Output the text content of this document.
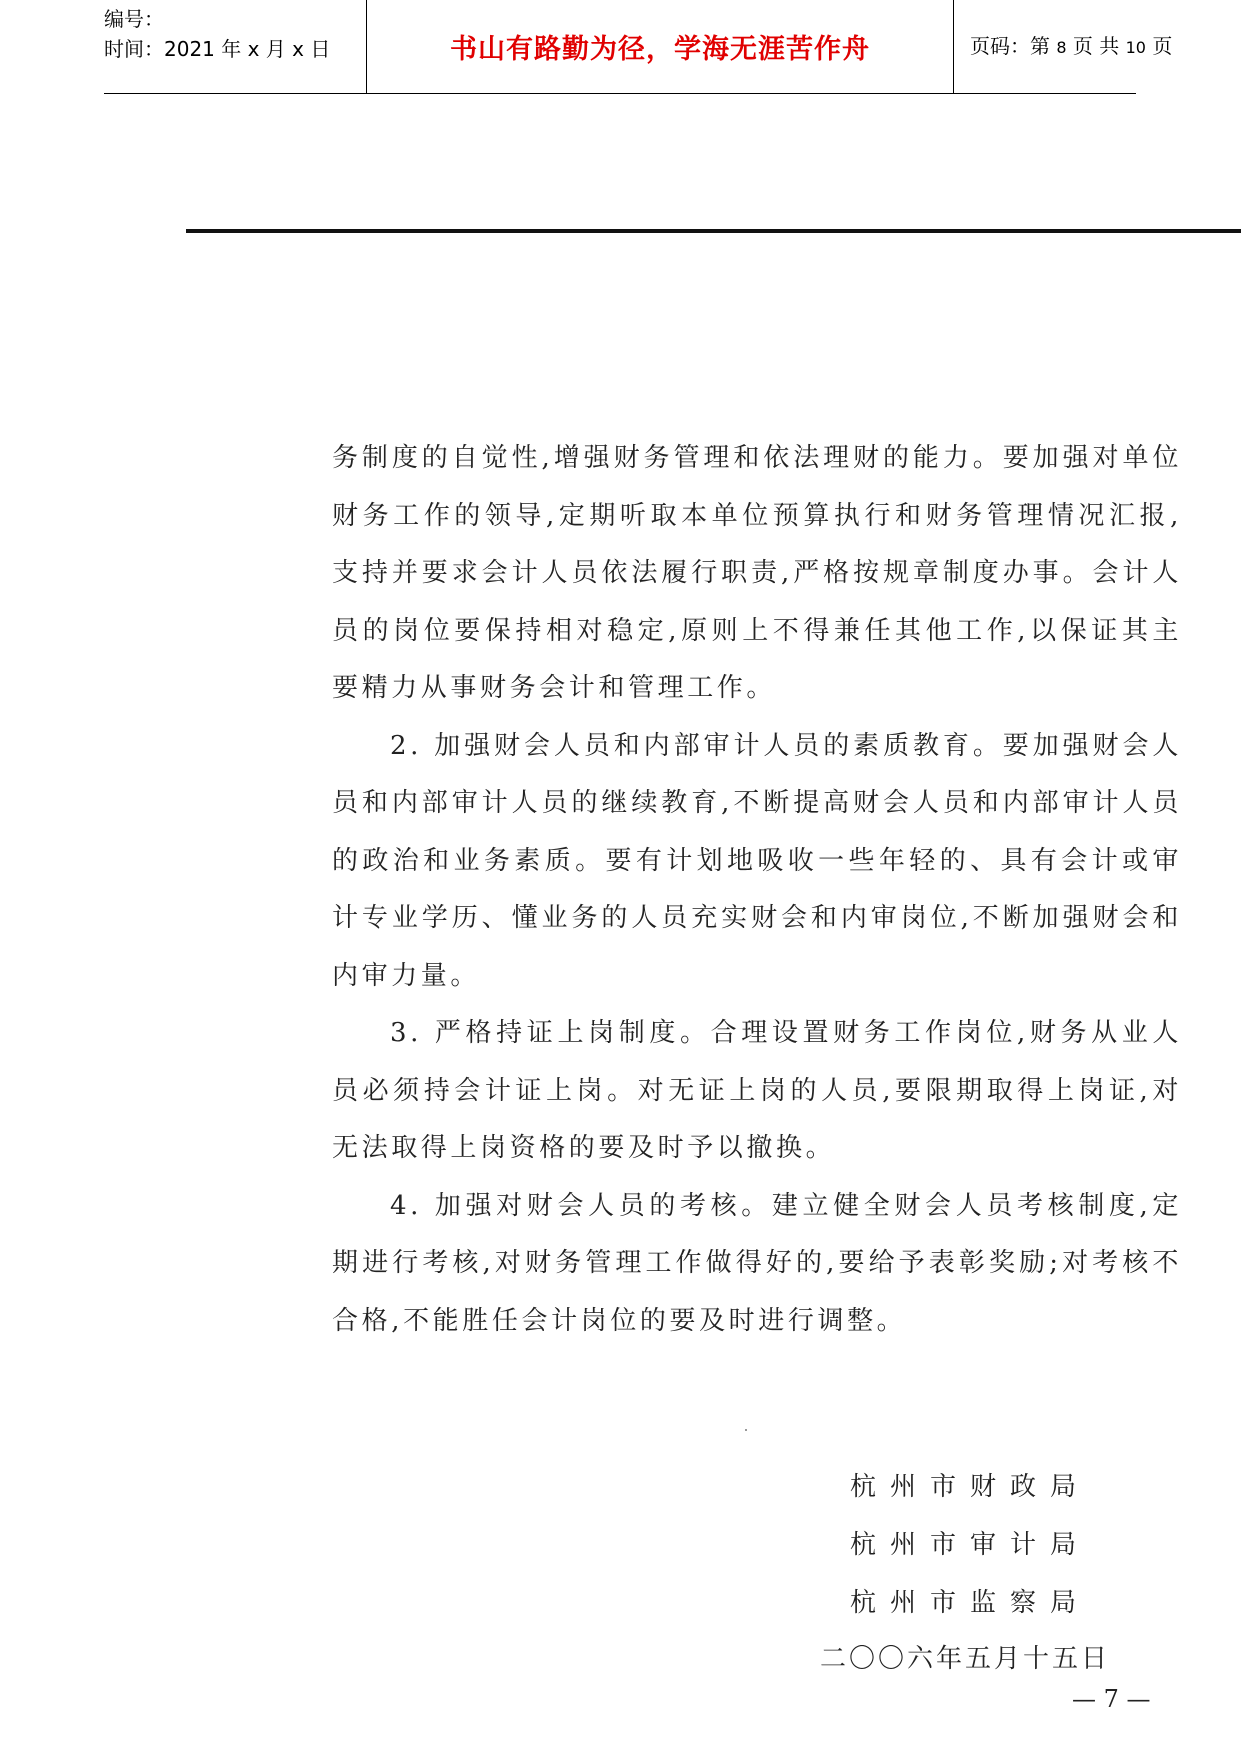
编号：
时间：2021 年 x 月 x 日	书山有路勤为径，学海无涯苦作舟	页码：第 8 页 共 10 页

务制度的自觉性,增强财务管理和依法理财的能力。要加强对单位财务工作的领导,定期听取本单位预算执行和财务管理情况汇报,支持并要求会计人员依法履行职责,严格按规章制度办事。会计人员的岗位要保持相对稳定,原则上不得兼任其他工作,以保证其主要精力从事财务会计和管理工作。

2. 加强财会人员和内部审计人员的素质教育。要加强财会人员和内部审计人员的继续教育,不断提高财会人员和内部审计人员的政治和业务素质。要有计划地吸收一些年轻的、具有会计或审计专业学历、懂业务的人员充实财会和内审岗位,不断加强财会和内审力量。

3. 严格持证上岗制度。合理设置财务工作岗位,财务从业人员必须持会计证上岗。对无证上岗的人员,要限期取得上岗证,对无法取得上岗资格的要及时予以撤换。

4. 加强对财会人员的考核。建立健全财会人员考核制度,定期进行考核,对财务管理工作做得好的,要给予表彰奖励;对考核不合格,不能胜任会计岗位的要及时进行调整。

杭州市财政局
杭州市审计局
杭州市监察局
二〇〇六年五月十五日
— 7 —
